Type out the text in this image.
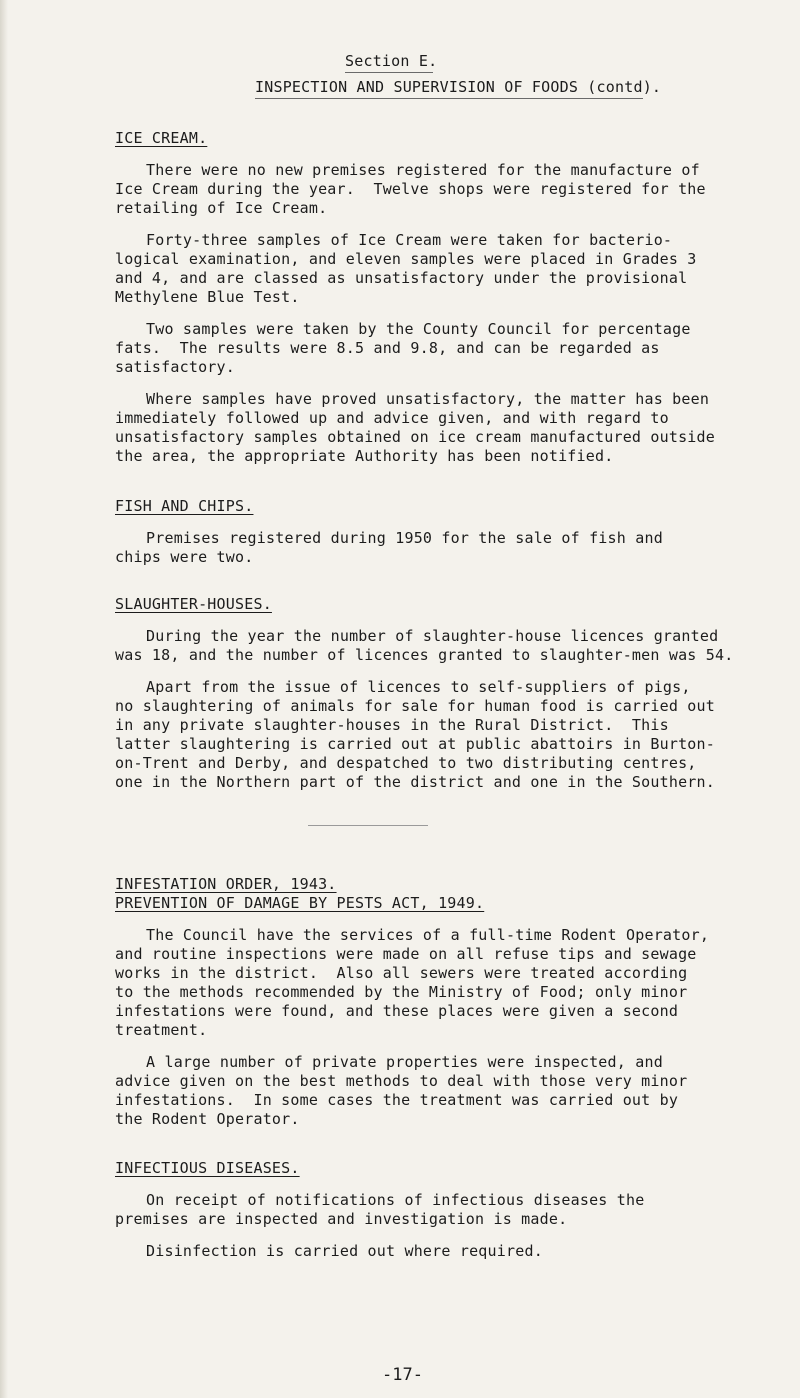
Section E.
INSPECTION AND SUPERVISION OF FOODS (contd).
ICE CREAM.
There were no new premises registered for the manufacture of
Ice Cream during the year.  Twelve shops were registered for the
retailing of Ice Cream.
Forty-three samples of Ice Cream were taken for bacterio-
logical examination, and eleven samples were placed in Grades 3
and 4, and are classed as unsatisfactory under the provisional
Methylene Blue Test.
Two samples were taken by the County Council for percentage
fats.  The results were 8.5 and 9.8, and can be regarded as
satisfactory.
Where samples have proved unsatisfactory, the matter has been
immediately followed up and advice given, and with regard to
unsatisfactory samples obtained on ice cream manufactured outside
the area, the appropriate Authority has been notified.
FISH AND CHIPS.
Premises registered during 1950 for the sale of fish and
chips were two.
SLAUGHTER-HOUSES.
During the year the number of slaughter-house licences granted
was 18, and the number of licences granted to slaughter-men was 54.
Apart from the issue of licences to self-suppliers of pigs,
no slaughtering of animals for sale for human food is carried out
in any private slaughter-houses in the Rural District.  This
latter slaughtering is carried out at public abattoirs in Burton-
on-Trent and Derby, and despatched to two distributing centres,
one in the Northern part of the district and one in the Southern.
INFESTATION ORDER, 1943.
PREVENTION OF DAMAGE BY PESTS ACT, 1949.
The Council have the services of a full-time Rodent Operator,
and routine inspections were made on all refuse tips and sewage
works in the district.  Also all sewers were treated according
to the methods recommended by the Ministry of Food; only minor
infestations were found, and these places were given a second
treatment.
A large number of private properties were inspected, and
advice given on the best methods to deal with those very minor
infestations.  In some cases the treatment was carried out by
the Rodent Operator.
INFECTIOUS DISEASES.
On receipt of notifications of infectious diseases the
premises are inspected and investigation is made.
Disinfection is carried out where required.
-17-
